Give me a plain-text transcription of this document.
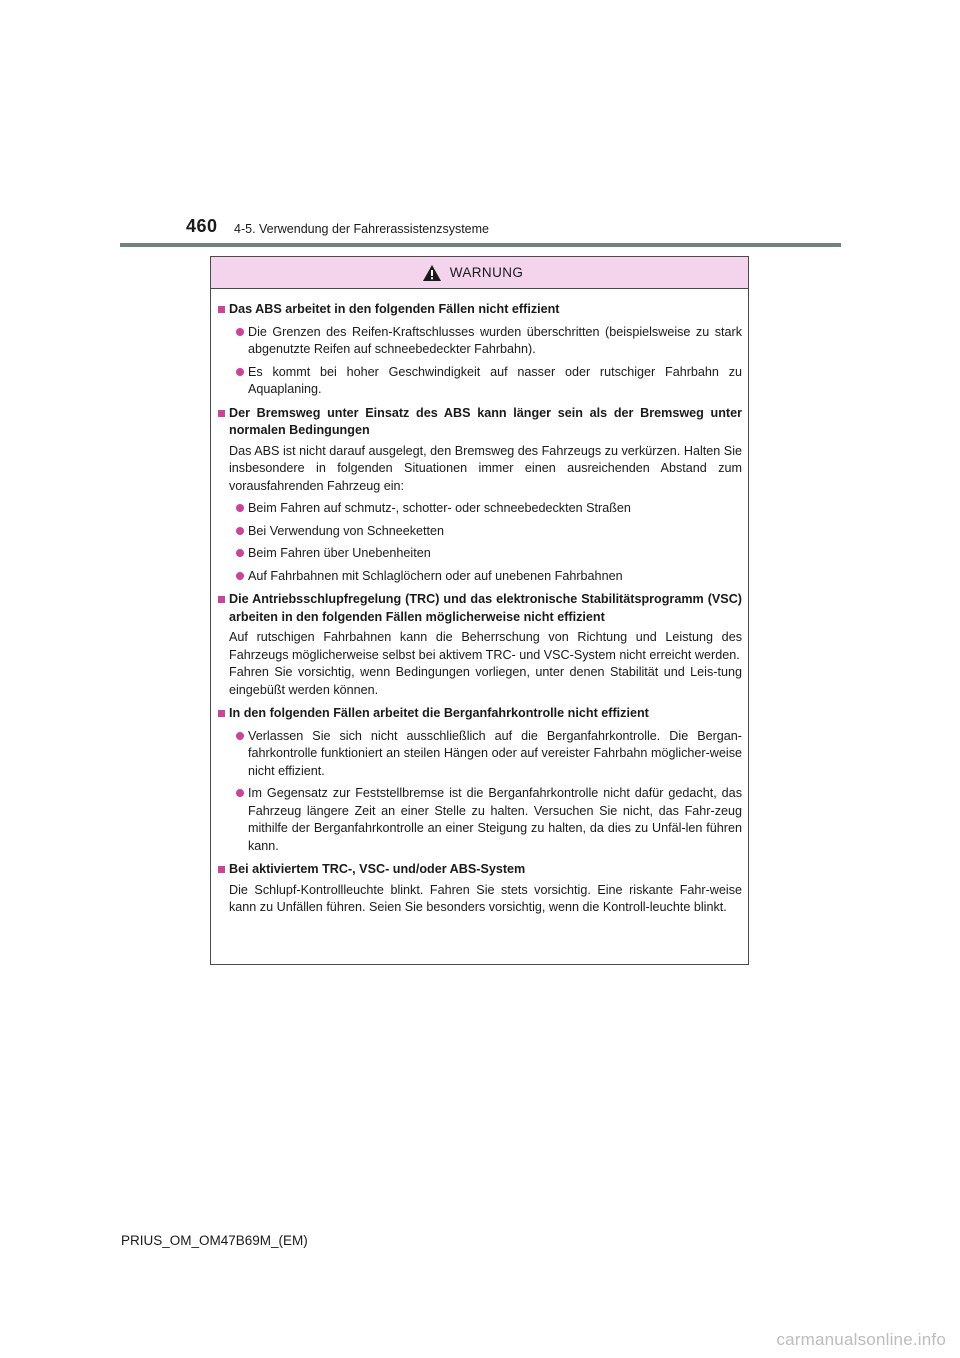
460 4-5. Verwendung der Fahrerassistenzsysteme
WARNUNG
Das ABS arbeitet in den folgenden Fällen nicht effizient
Die Grenzen des Reifen-Kraftschlusses wurden überschritten (beispielsweise zu stark abgenutzte Reifen auf schneebedeckter Fahrbahn).
Es kommt bei hoher Geschwindigkeit auf nasser oder rutschiger Fahrbahn zu Aquaplaning.
Der Bremsweg unter Einsatz des ABS kann länger sein als der Bremsweg unter normalen Bedingungen
Das ABS ist nicht darauf ausgelegt, den Bremsweg des Fahrzeugs zu verkürzen. Halten Sie insbesondere in folgenden Situationen immer einen ausreichenden Abstand zum vorausfahrenden Fahrzeug ein:
Beim Fahren auf schmutz-, schotter- oder schneebedeckten Straßen
Bei Verwendung von Schneeketten
Beim Fahren über Unebenheiten
Auf Fahrbahnen mit Schlaglöchern oder auf unebenen Fahrbahnen
Die Antriebsschlupfregelung (TRC) und das elektronische Stabilitätsprogramm (VSC) arbeiten in den folgenden Fällen möglicherweise nicht effizient
Auf rutschigen Fahrbahnen kann die Beherrschung von Richtung und Leistung des Fahrzeugs möglicherweise selbst bei aktivem TRC- und VSC-System nicht erreicht werden.
Fahren Sie vorsichtig, wenn Bedingungen vorliegen, unter denen Stabilität und Leis-tung eingebüßt werden können.
In den folgenden Fällen arbeitet die Berganfahrkontrolle nicht effizient
Verlassen Sie sich nicht ausschließlich auf die Berganfahrkontrolle. Die Bergan-fahrkontrolle funktioniert an steilen Hängen oder auf vereister Fahrbahn möglicher-weise nicht effizient.
Im Gegensatz zur Feststellbremse ist die Berganfahrkontrolle nicht dafür gedacht, das Fahrzeug längere Zeit an einer Stelle zu halten. Versuchen Sie nicht, das Fahr-zeug mithilfe der Berganfahrkontrolle an einer Steigung zu halten, da dies zu Unfäl-len führen kann.
Bei aktiviertem TRC-, VSC- und/oder ABS-System
Die Schlupf-Kontrollleuchte blinkt. Fahren Sie stets vorsichtig. Eine riskante Fahr-weise kann zu Unfällen führen. Seien Sie besonders vorsichtig, wenn die Kontroll-leuchte blinkt.
PRIUS_OM_OM47B69M_(EM)
carmanualsonline.info
